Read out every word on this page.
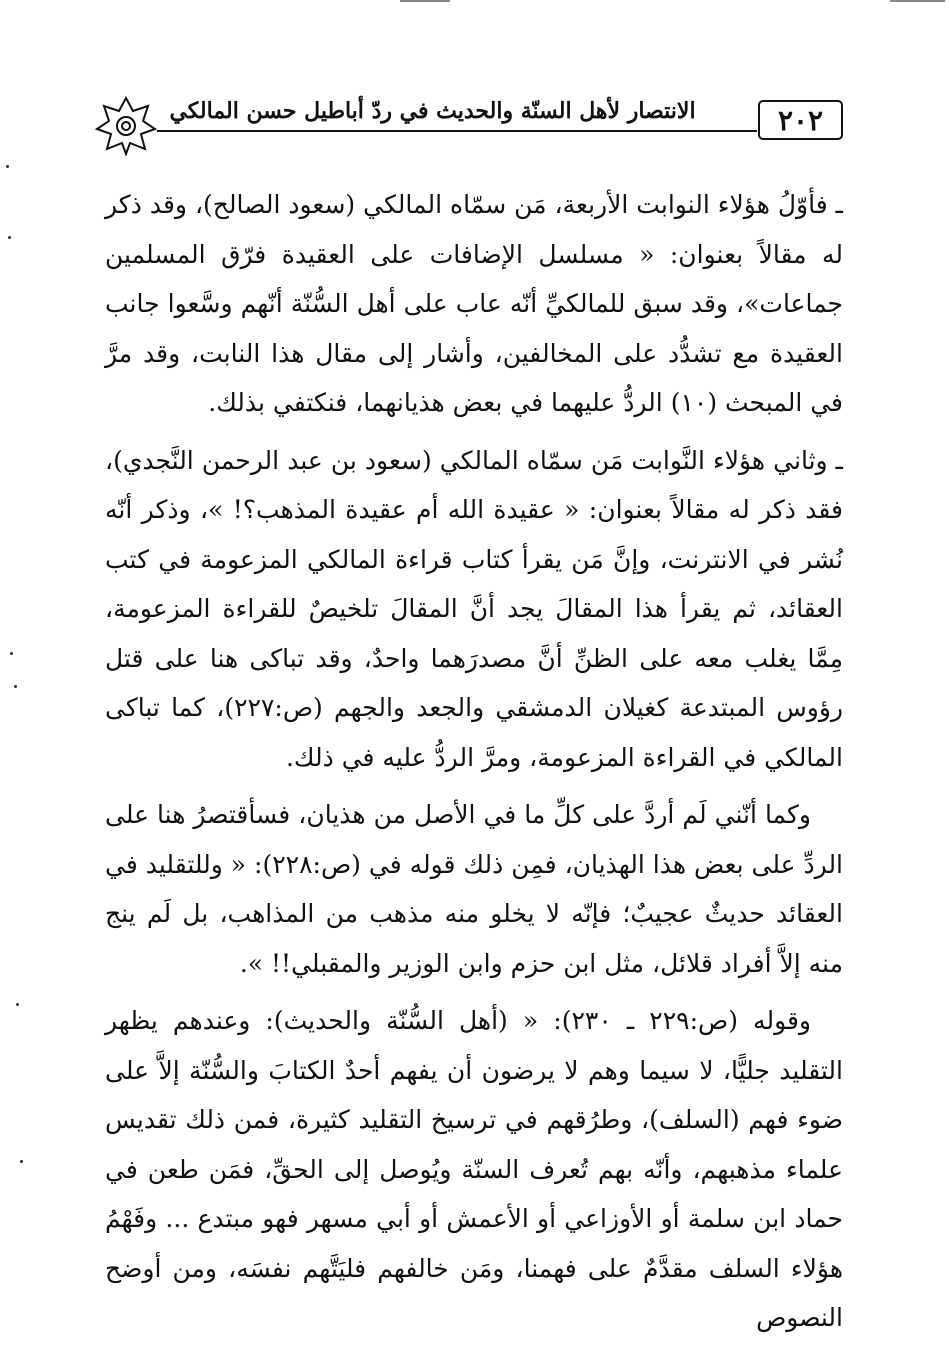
الانتصار لأهل السنّة والحديث في ردّ أباطيل حسن المالكي	٢٠٢

ـ فأوّلُ هؤلاء النوابت الأربعة، مَن سمّاه المالكي (سعود الصالح)، وقد ذكر له مقالاً بعنوان: « مسلسل الإضافات على العقيدة فرّق المسلمين جماعات»، وقد سبق للمالكيِّ أنّه عاب على أهل السُّنّة أنّهم وسَّعوا جانب العقيدة مع تشدُّد على المخالفين، وأشار إلى مقال هذا النابت، وقد مرَّ في المبحث (١٠) الردُّ عليهما في بعض هذيانهما، فنكتفي بذلك.

ـ وثاني هؤلاء النَّوابت مَن سمّاه المالكي (سعود بن عبد الرحمن النَّجدي)، فقد ذكر له مقالاً بعنوان: « عقيدة الله أم عقيدة المذهب؟! »، وذكر أنّه نُشر في الانترنت، وإنَّ مَن يقرأ كتاب قراءة المالكي المزعومة في كتب العقائد، ثم يقرأ هذا المقالَ يجد أنَّ المقالَ تلخيصٌ للقراءة المزعومة، مِمَّا يغلب معه على الظنِّ أنَّ مصدرَهما واحدٌ، وقد تباكى هنا على قتل رؤوس المبتدعة كغيلان الدمشقي والجعد والجهم (ص:٢٢٧)، كما تباكى المالكي في القراءة المزعومة، ومرَّ الردُّ عليه في ذلك.

وكما أنّني لَم أردَّ على كلِّ ما في الأصل من هذيان، فسأقتصرُ هنا على الردِّ على بعض هذا الهذيان، فمِن ذلك قوله في (ص:٢٢٨): « وللتقليد في العقائد حديثٌ عجيبٌ؛ فإنّه لا يخلو منه مذهب من المذاهب، بل لَم ينج منه إلاَّ أفراد قلائل، مثل ابن حزم وابن الوزير والمقبلي!! ».

وقوله (ص:٢٢٩ ـ ٢٣٠): « (أهل السُّنّة والحديث): وعندهم يظهر التقليد جليًّا، لا سيما وهم لا يرضون أن يفهم أحدٌ الكتابَ والسُّنّة إلاَّ على ضوء فهم (السلف)، وطرُقهم في ترسيخ التقليد كثيرة، فمن ذلك تقديس علماء مذهبهم، وأنّه بهم تُعرف السنّة ويُوصل إلى الحقِّ، فمَن طعن في حماد ابن سلمة أو الأوزاعي أو الأعمش أو أبي مسهر فهو مبتدع ... وفَهْمُ هؤلاء السلف مقدَّمٌ على فهمنا، ومَن خالفهم فليَتَّهم نفسَه، ومن أوضح النصوص
